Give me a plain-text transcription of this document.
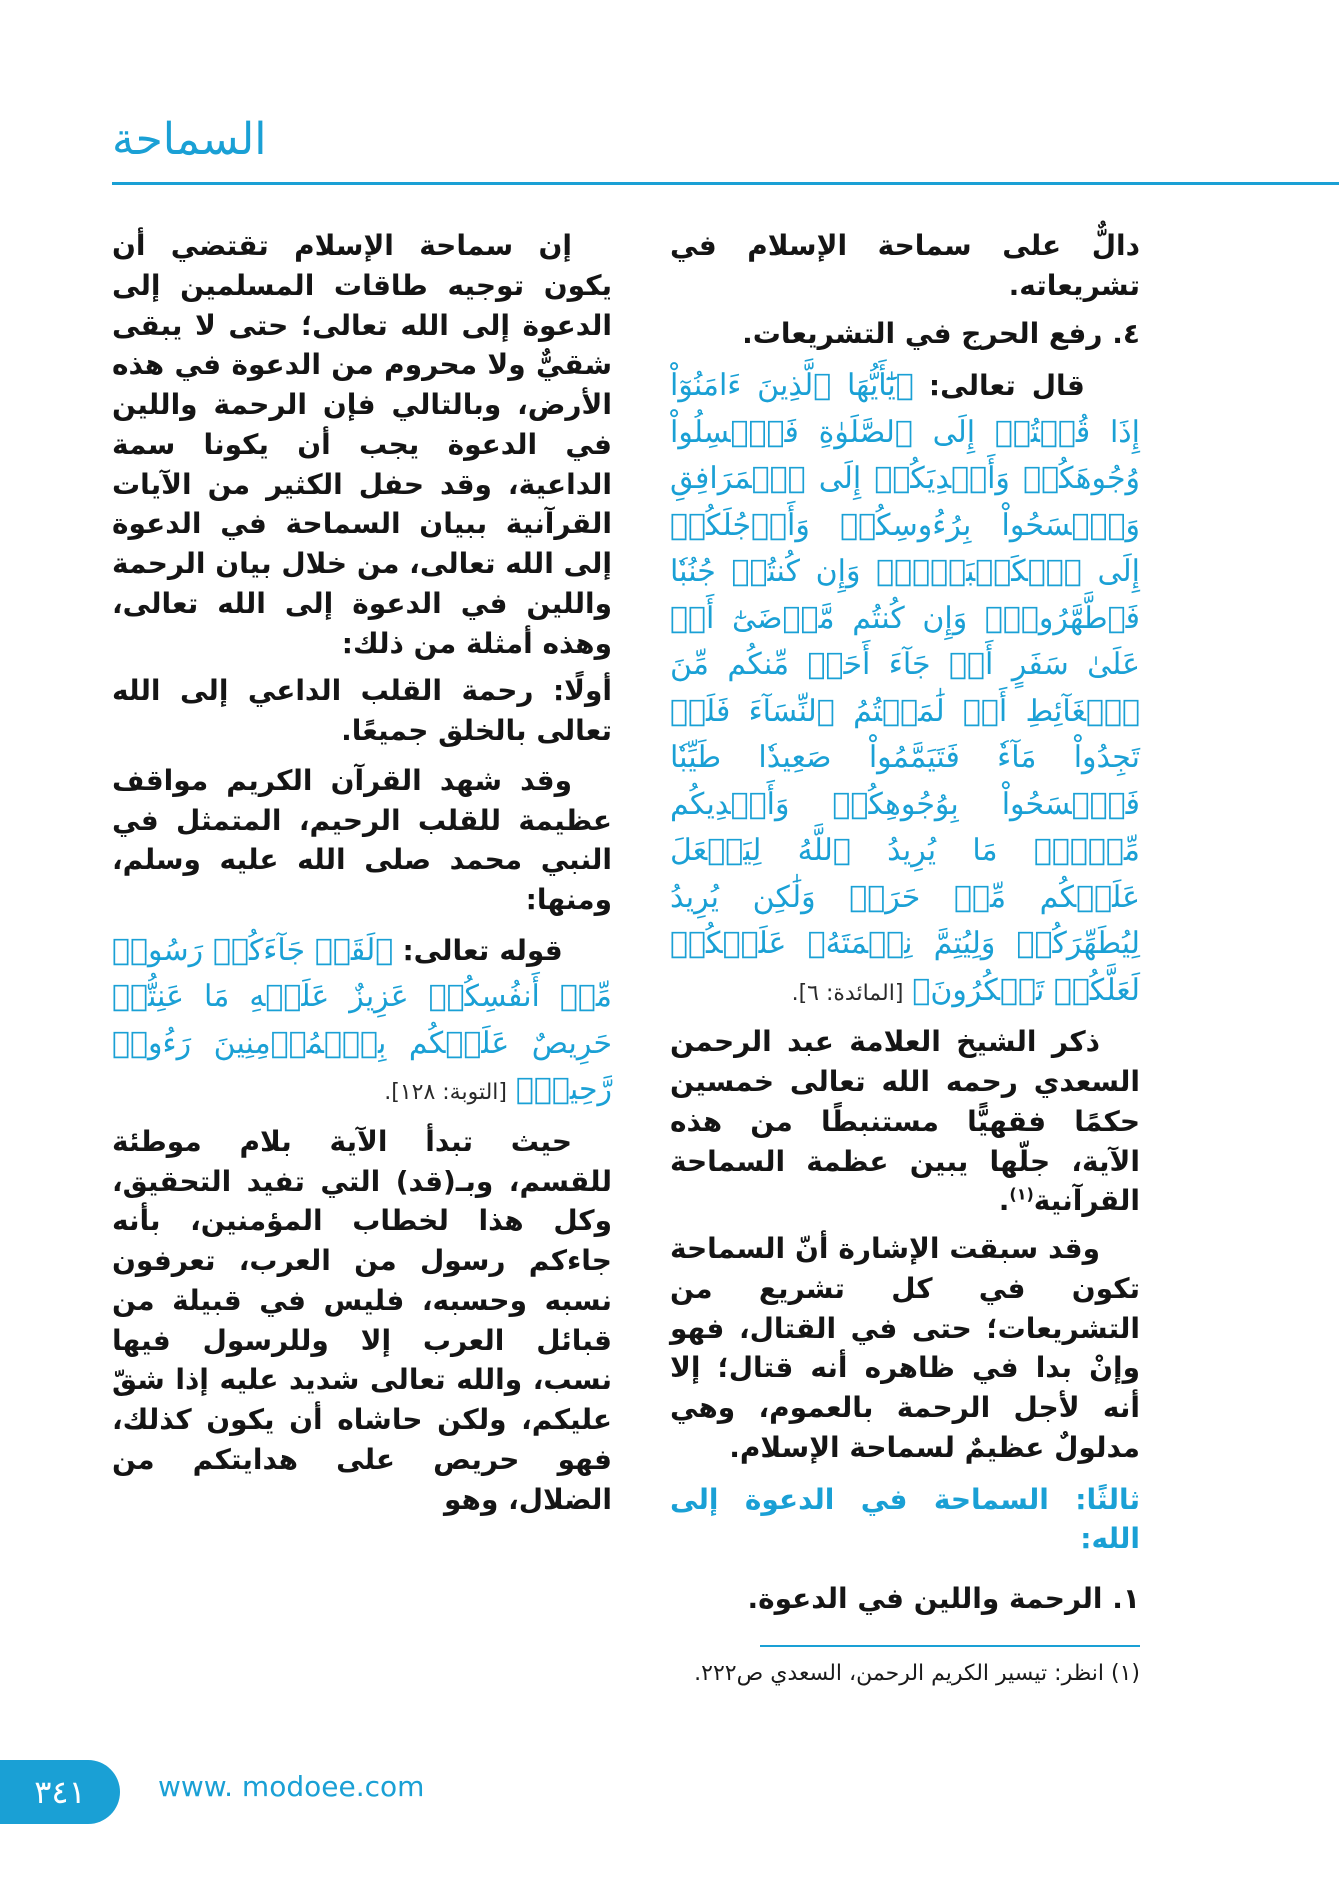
السماحة
دالٌّ على سماحة الإسلام في تشريعاته.
٤. رفع الحرج في التشريعات.
قال تعالى: ﴿يَٰٓأَيُّهَا ٱلَّذِينَ ءَامَنُوٓاْ إِذَا قُمۡتُمۡ إِلَى ٱلصَّلَوٰةِ فَٱغۡسِلُواْ وُجُوهَكُمۡ وَأَيۡدِيَكُمۡ إِلَى ٱلۡمَرَافِقِ وَٱمۡسَحُواْ بِرُءُوسِكُمۡ وَأَرۡجُلَكُمۡ إِلَى ٱلۡكَعۡبَيۡنِۚ وَإِن كُنتُمۡ جُنُبٗا فَٱطَّهَّرُواْۚ وَإِن كُنتُم مَّرۡضَىٰٓ أَوۡ عَلَىٰ سَفَرٍ أَوۡ جَآءَ أَحَدٞ مِّنكُم مِّنَ ٱلۡغَآئِطِ أَوۡ لَٰمَسۡتُمُ ٱلنِّسَآءَ فَلَمۡ تَجِدُواْ مَآءٗ فَتَيَمَّمُواْ صَعِيدٗا طَيِّبٗا فَٱمۡسَحُواْ بِوُجُوهِكُمۡ وَأَيۡدِيكُم مِّنۡهُۚ مَا يُرِيدُ ٱللَّهُ لِيَجۡعَلَ عَلَيۡكُم مِّنۡ حَرَجٖ وَلَٰكِن يُرِيدُ لِيُطَهِّرَكُمۡ وَلِيُتِمَّ نِعۡمَتَهُۥ عَلَيۡكُمۡ لَعَلَّكُمۡ تَشۡكُرُونَ﴾ [المائدة: ٦].
ذكر الشيخ العلامة عبد الرحمن السعدي رحمه الله تعالى خمسين حكمًا فقهيًّا مستنبطًا من هذه الآية، جلّها يبين عظمة السماحة القرآنية$^{(١)}$.
وقد سبقت الإشارة أنّ السماحة تكون في كل تشريع من التشريعات؛ حتى في القتال، فهو وإنْ بدا في ظاهره أنه قتال؛ إلا أنه لأجل الرحمة بالعموم، وهي مدلولٌ عظيمٌ لسماحة الإسلام.
ثالثًا: السماحة في الدعوة إلى الله:
١. الرحمة واللين في الدعوة.
إن سماحة الإسلام تقتضي أن يكون توجيه طاقات المسلمين إلى الدعوة إلى الله تعالى؛ حتى لا يبقى شقيٌّ ولا محروم من الدعوة في هذه الأرض، وبالتالي فإن الرحمة واللين في الدعوة يجب أن يكونا سمة الداعية، وقد حفل الكثير من الآيات القرآنية ببيان السماحة في الدعوة إلى الله تعالى، من خلال بيان الرحمة واللين في الدعوة إلى الله تعالى، وهذه أمثلة من ذلك:
أولًا: رحمة القلب الداعي إلى الله تعالى بالخلق جميعًا.
وقد شهد القرآن الكريم مواقف عظيمة للقلب الرحيم، المتمثل في النبي محمد صلى الله عليه وسلم، ومنها:
قوله تعالى: ﴿لَقَدۡ جَآءَكُمۡ رَسُولٞ مِّنۡ أَنفُسِكُمۡ عَزِيزٌ عَلَيۡهِ مَا عَنِتُّمۡ حَرِيصٌ عَلَيۡكُم بِٱلۡمُؤۡمِنِينَ رَءُوفٞ رَّحِيمٞ﴾ [التوبة: ١٢٨].
حيث تبدأ الآية بلام موطئة للقسم، وبـ(قد) التي تفيد التحقيق، وكل هذا لخطاب المؤمنين، بأنه جاءكم رسول من العرب، تعرفون نسبه وحسبه، فليس في قبيلة من قبائل العرب إلا وللرسول فيها نسب، والله تعالى شديد عليه إذا شقّ عليكم، ولكن حاشاه أن يكون كذلك، فهو حريص على هدايتكم من الضلال، وهو
(١) انظر: تيسير الكريم الرحمن، السعدي ص٢٢٢.
٣٤١	www. modoee.com
